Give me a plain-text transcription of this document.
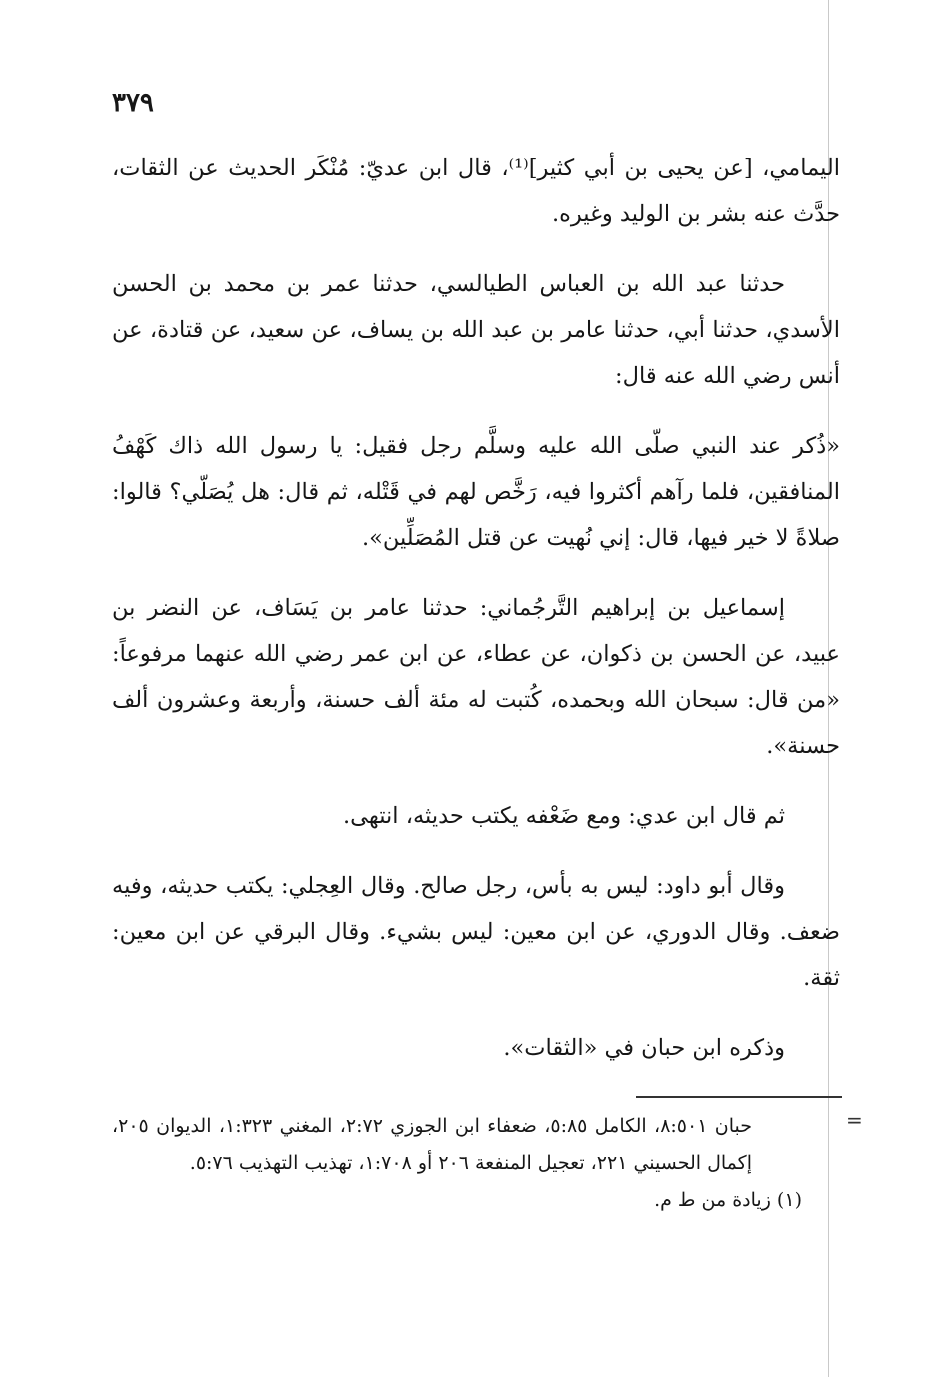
٣٧٩

اليمامي، [عن يحيى بن أبي كثير]⁽¹⁾، قال ابن عديّ: مُنْكَر الحديث عن الثقات، حدَّث عنه بشر بن الوليد وغيره.

حدثنا عبد الله بن العباس الطيالسي، حدثنا عمر بن محمد بن الحسن الأسدي، حدثنا أبي، حدثنا عامر بن عبد الله بن يساف، عن سعيد، عن قتادة، عن أنس رضي الله عنه قال:

«ذُكر عند النبي صلّى الله عليه وسلَّم رجل فقيل: يا رسول الله ذاك كَهْفُ المنافقين، فلما رآهم أكثروا فيه، رَخَّص لهم في قَتْله، ثم قال: هل يُصَلّي؟ قالوا: صلاةً لا خير فيها، قال: إني نُهيت عن قتل المُصَلِّين».

إسماعيل بن إبراهيم التَّرجُماني: حدثنا عامر بن يَسَاف، عن النضر بن عبيد، عن الحسن بن ذكوان، عن عطاء، عن ابن عمر رضي الله عنهما مرفوعاً: «من قال: سبحان الله وبحمده، كُتبت له مئة ألف حسنة، وأربعة وعشرون ألف حسنة».

ثم قال ابن عدي: ومع ضَعْفه يكتب حديثه، انتهى.

وقال أبو داود: ليس به بأس، رجل صالح. وقال العِجلي: يكتب حديثه، وفيه ضعف. وقال الدوري، عن ابن معين: ليس بشيء. وقال البرقي عن ابن معين: ثقة.

وذكره ابن حبان في «الثقات».

=

حبان ٨:٥٠١، الكامل ٥:٨٥، ضعفاء ابن الجوزي ٢:٧٢، المغني ١:٣٢٣، الديوان ٢٠٥، إكمال الحسيني ٢٢١، تعجيل المنفعة ٢٠٦ أو ١:٧٠٨، تهذيب التهذيب ٥:٧٦.

(١) زيادة من ط م.
